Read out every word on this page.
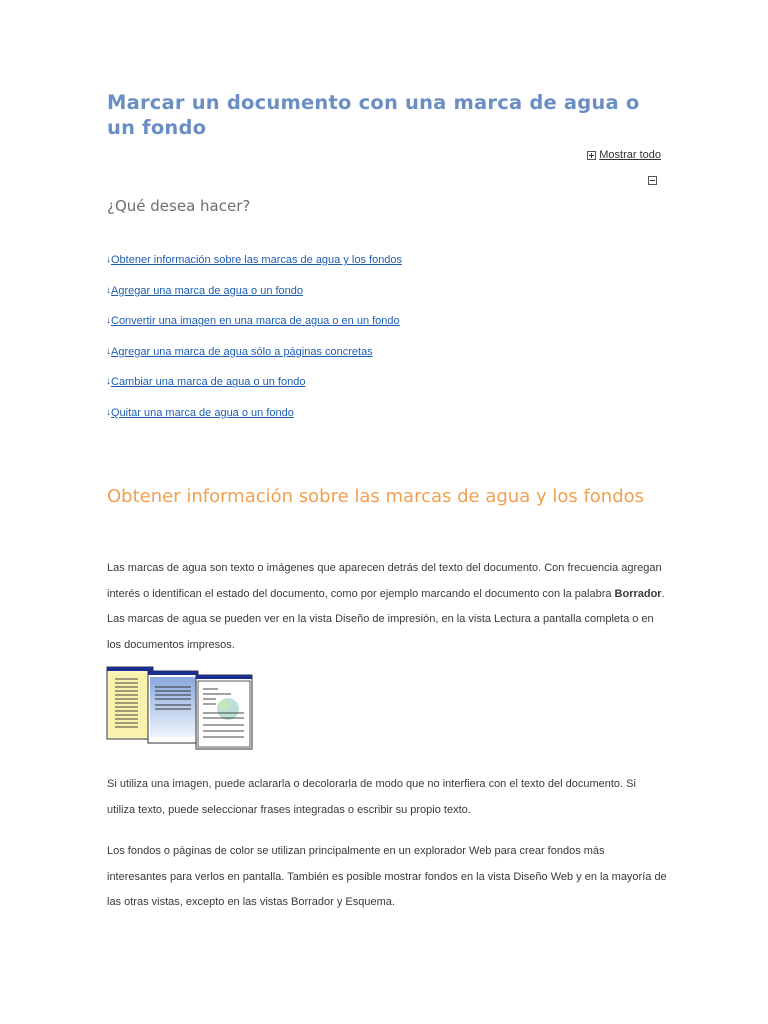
Marcar un documento con una marca de agua o un fondo
Mostrar todo
¿Qué desea hacer?
↓ Obtener información sobre las marcas de agua y los fondos
↓ Agregar una marca de agua o un fondo
↓ Convertir una imagen en una marca de agua o en un fondo
↓ Agregar una marca de agua sólo a páginas concretas
↓ Cambiar una marca de agua o un fondo
↓ Quitar una marca de agua o un fondo
Obtener información sobre las marcas de agua y los fondos

Las marcas de agua son texto o imágenes que aparecen detrás del texto del documento. Con frecuencia agregan interés o identifican el estado del documento, como por ejemplo marcando el documento con la palabra Borrador. Las marcas de agua se pueden ver en la vista Diseño de impresión, en la vista Lectura a pantalla completa o en los documentos impresos.

Si utiliza una imagen, puede aclararla o decolorarla de modo que no interfiera con el texto del documento. Si utiliza texto, puede seleccionar frases integradas o escribir su propio texto.

Los fondos o páginas de color se utilizan principalmente en un explorador Web para crear fondos más interesantes para verlos en pantalla. También es posible mostrar fondos en la vista Diseño Web y en la mayoría de las otras vistas, excepto en las vistas Borrador y Esquema.
